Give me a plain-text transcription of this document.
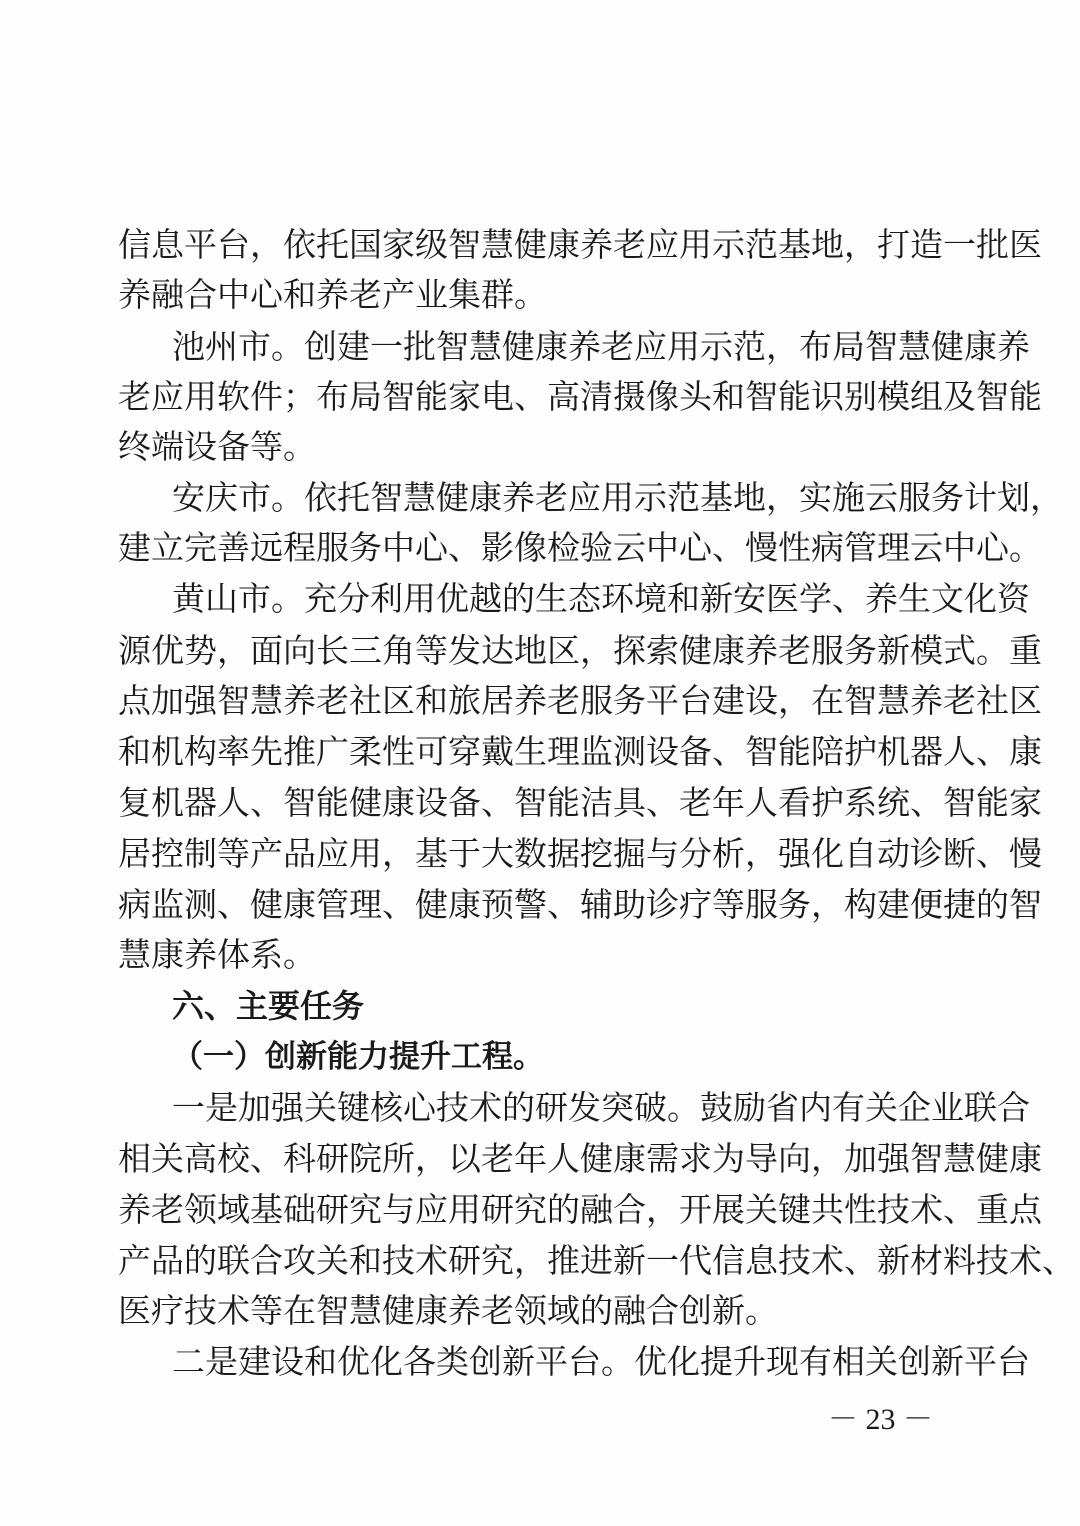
信息平台，依托国家级智慧健康养老应用示范基地，打造一批医
养融合中心和养老产业集群。
池州市。创建一批智慧健康养老应用示范，布局智慧健康养
老应用软件；布局智能家电、高清摄像头和智能识别模组及智能
终端设备等。
安庆市。依托智慧健康养老应用示范基地，实施云服务计划，
建立完善远程服务中心、影像检验云中心、慢性病管理云中心。
黄山市。充分利用优越的生态环境和新安医学、养生文化资
源优势，面向长三角等发达地区，探索健康养老服务新模式。重
点加强智慧养老社区和旅居养老服务平台建设，在智慧养老社区
和机构率先推广柔性可穿戴生理监测设备、智能陪护机器人、康
复机器人、智能健康设备、智能洁具、老年人看护系统、智能家
居控制等产品应用，基于大数据挖掘与分析，强化自动诊断、慢
病监测、健康管理、健康预警、辅助诊疗等服务，构建便捷的智
慧康养体系。
六、主要任务
（一）创新能力提升工程。
一是加强关键核心技术的研发突破。鼓励省内有关企业联合
相关高校、科研院所，以老年人健康需求为导向，加强智慧健康
养老领域基础研究与应用研究的融合，开展关键共性技术、重点
产品的联合攻关和技术研究，推进新一代信息技术、新材料技术、
医疗技术等在智慧健康养老领域的融合创新。
二是建设和优化各类创新平台。优化提升现有相关创新平台
－ 23 －
